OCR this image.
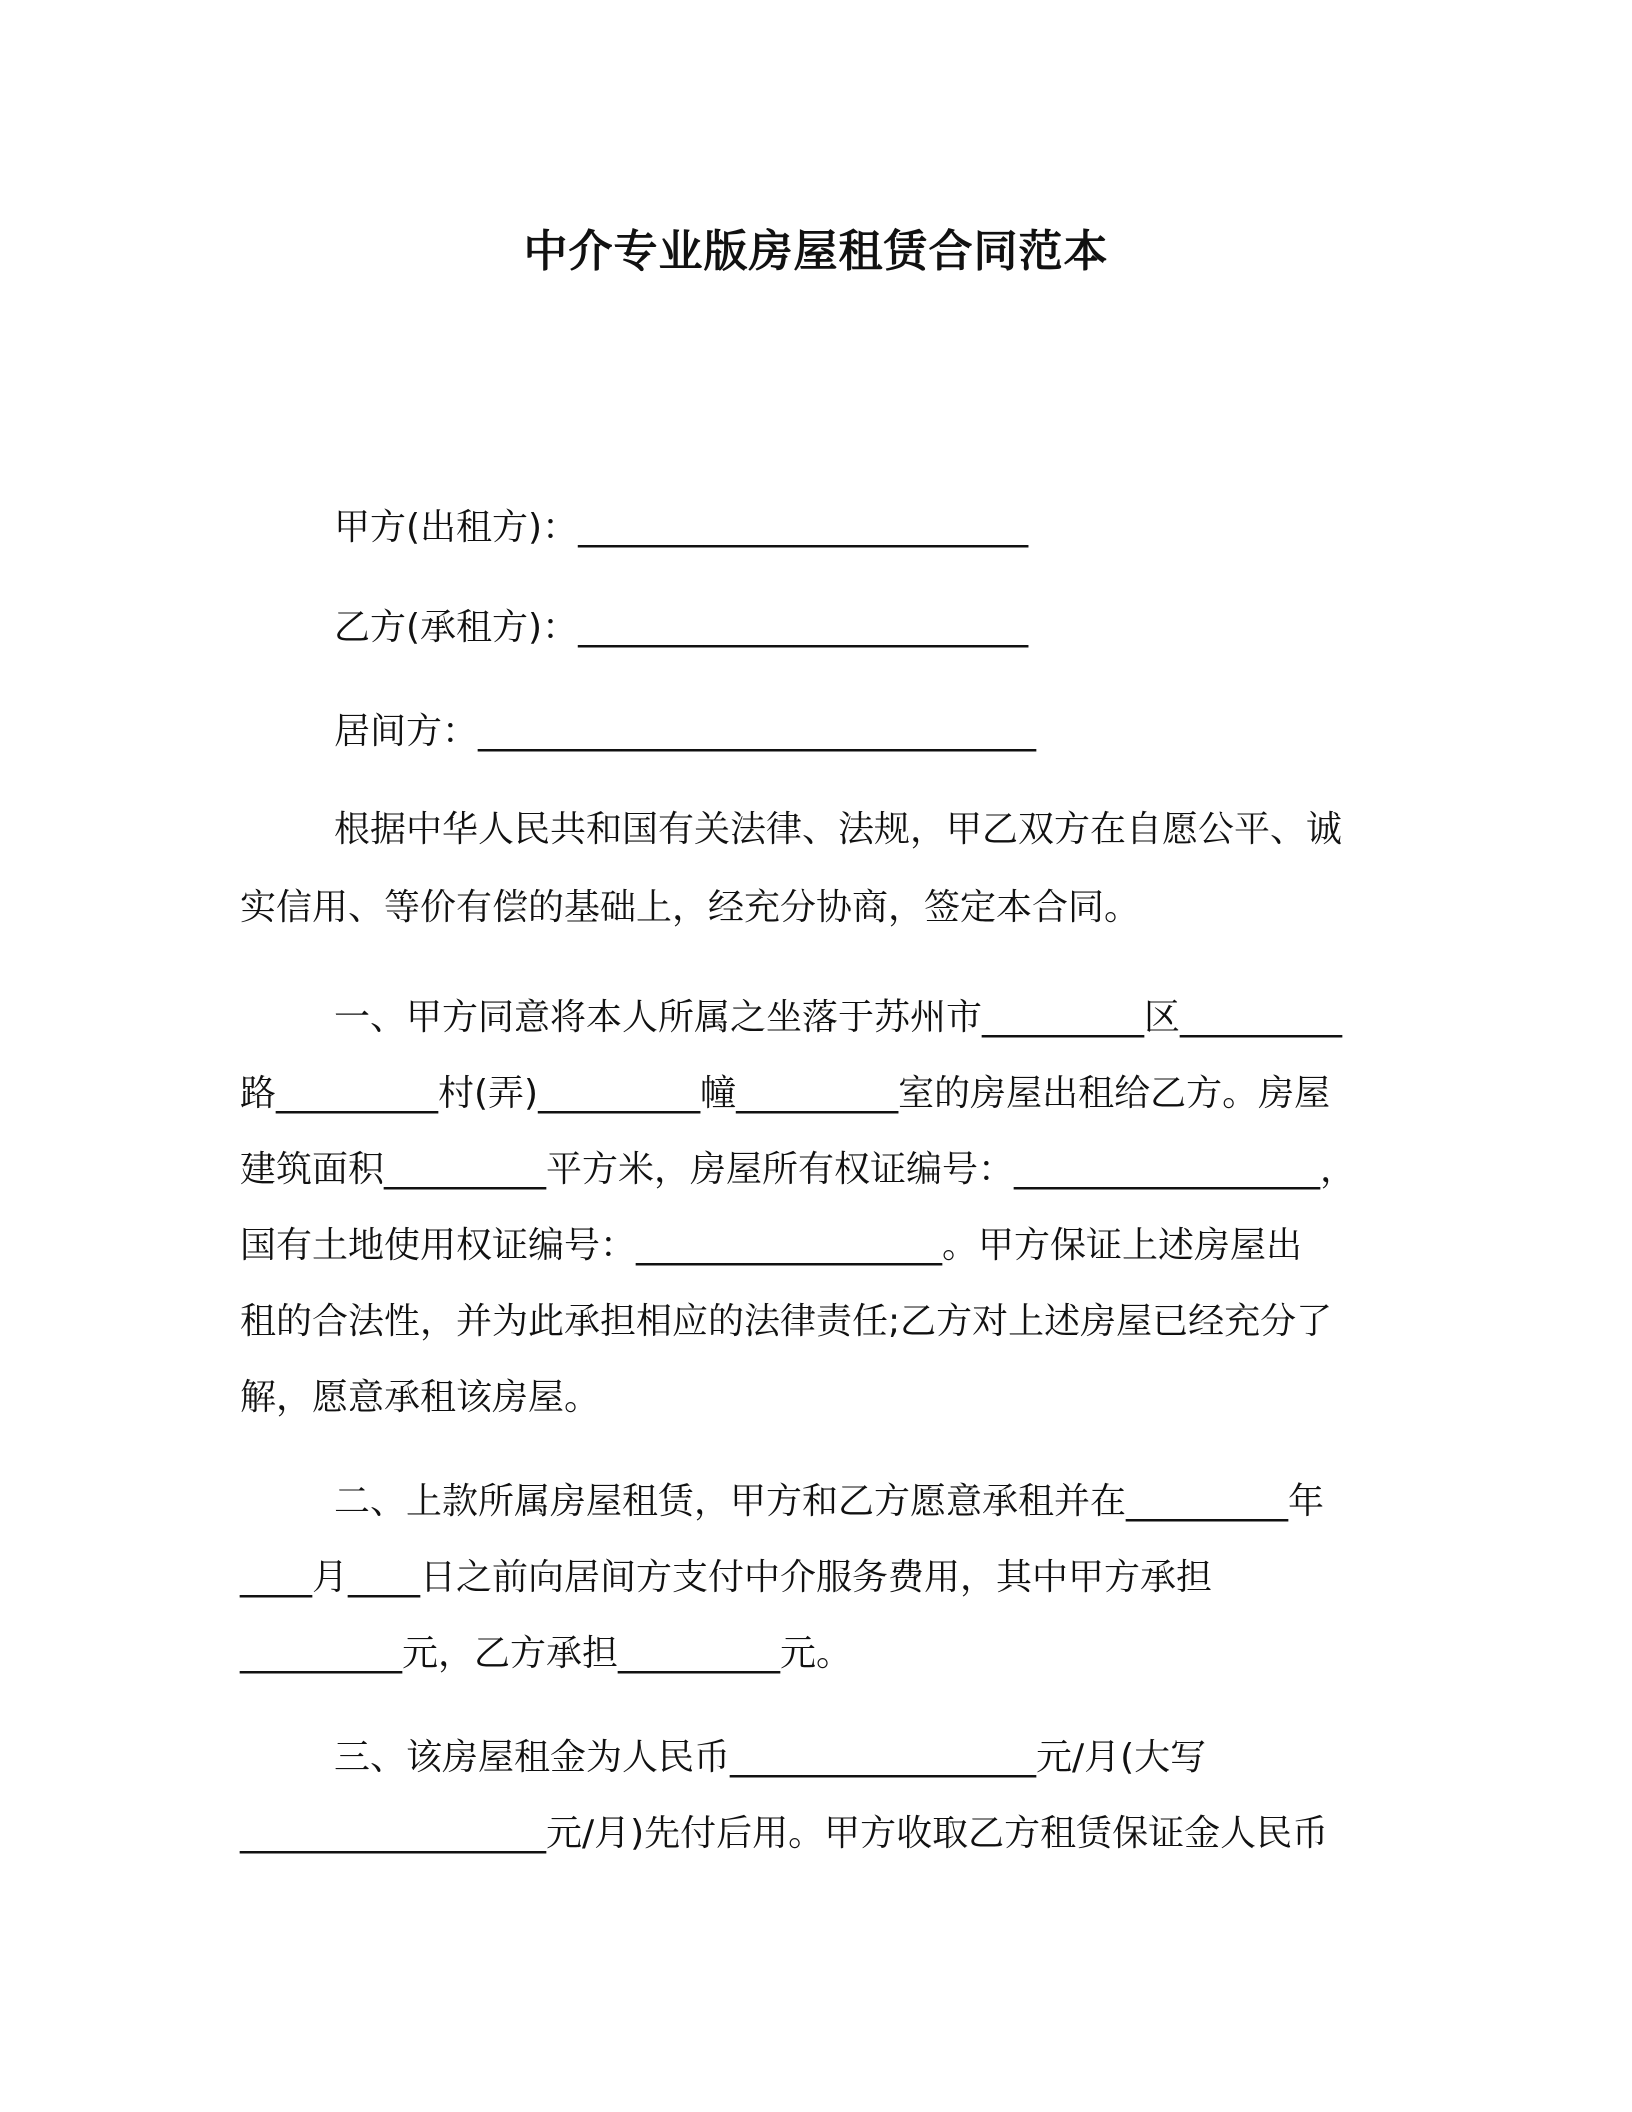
中介专业版房屋租赁合同范本

甲方(出租方)：_________________________

乙方(承租方)：_________________________

居间方：_______________________________

根据中华人民共和国有关法律、法规，甲乙双方在自愿公平、诚

实信用、等价有偿的基础上，经充分协商，签定本合同。

一、甲方同意将本人所属之坐落于苏州市_________区_________

路_________村(弄)_________幢_________室的房屋出租给乙方。房屋

建筑面积_________平方米，房屋所有权证编号：_________________，

国有土地使用权证编号：_________________。甲方保证上述房屋出

租的合法性，并为此承担相应的法律责任;乙方对上述房屋已经充分了

解，愿意承租该房屋。

二、上款所属房屋租赁，甲方和乙方愿意承租并在_________年

____月____日之前向居间方支付中介服务费用，其中甲方承担

_________元，乙方承担_________元。

三、该房屋租金为人民币_________________元/月(大写

_________________元/月)先付后用。甲方收取乙方租赁保证金人民币
